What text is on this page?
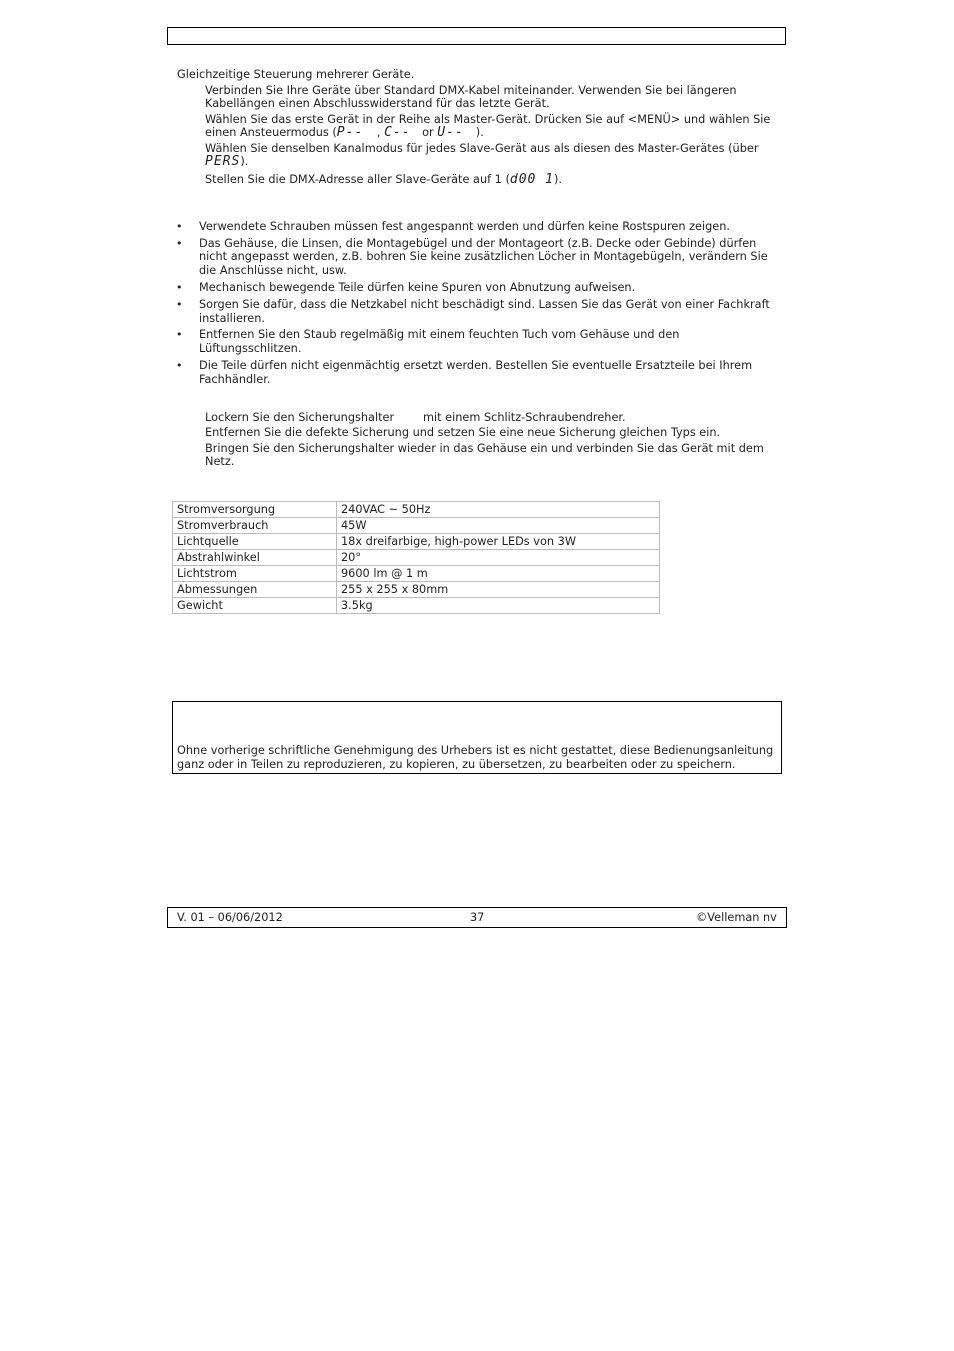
Gleichzeitige Steuerung mehrerer Geräte.
Verbinden Sie Ihre Geräte über Standard DMX-Kabel miteinander. Verwenden Sie bei längeren
Kabellängen einen Abschlusswiderstand für das letzte Gerät.
Wählen Sie das erste Gerät in der Reihe als Master-Gerät. Drücken Sie auf <MENÜ> und wählen Sie
einen Ansteuermodus (P-- , C-- or U-- ).
Wählen Sie denselben Kanalmodus für jedes Slave-Gerät aus als diesen des Master-Gerätes (über
PERS).
Stellen Sie die DMX-Adresse aller Slave-Geräte auf 1 (d00 1).
•
Verwendete Schrauben müssen fest angespannt werden und dürfen keine Rostspuren zeigen.
•
Das Gehäuse, die Linsen, die Montagebügel und der Montageort (z.B. Decke oder Gebinde) dürfen
nicht angepasst werden, z.B. bohren Sie keine zusätzlichen Löcher in Montagebügeln, verändern Sie
die Anschlüsse nicht, usw.
•
Mechanisch bewegende Teile dürfen keine Spuren von Abnutzung aufweisen.
•
Sorgen Sie dafür, dass die Netzkabel nicht beschädigt sind. Lassen Sie das Gerät von einer Fachkraft
installieren.
•
Entfernen Sie den Staub regelmäßig mit einem feuchten Tuch vom Gehäuse und den
Lüftungsschlitzen.
•
Die Teile dürfen nicht eigenmächtig ersetzt werden. Bestellen Sie eventuelle Ersatzteile bei Ihrem
Fachhändler.
Lockern Sie den Sicherungshalter	mit einem Schlitz-Schraubendreher.
Entfernen Sie die defekte Sicherung und setzen Sie eine neue Sicherung gleichen Typs ein.
Bringen Sie den Sicherungshalter wieder in das Gehäuse ein und verbinden Sie das Gerät mit dem
Netz.
Stromversorgung	240VAC ~ 50Hz
Stromverbrauch	45W
Lichtquelle	18x dreifarbige, high-power LEDs von 3W
Abstrahlwinkel	20°
Lichtstrom	9600 lm @ 1 m
Abmessungen	255 x 255 x 80mm
Gewicht	3.5kg
Ohne vorherige schriftliche Genehmigung des Urhebers ist es nicht gestattet, diese Bedienungsanleitung
ganz oder in Teilen zu reproduzieren, zu kopieren, zu übersetzen, zu bearbeiten oder zu speichern.
V. 01 – 06/06/2012	37	©Velleman nv
